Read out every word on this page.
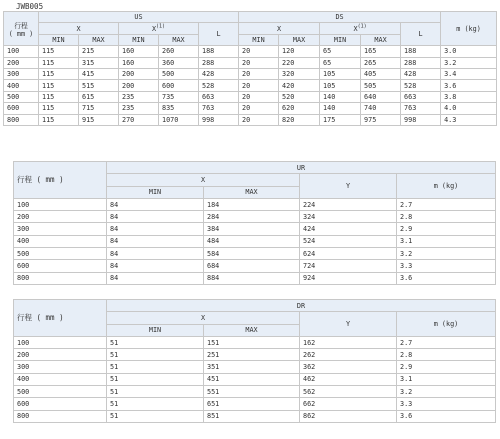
JWB005
行程
( mm )	US					DS					m (kg)
	X		$X^{(1)}$		L	X		$X^{(1)}$		L	
	MIN	MAX	MIN	MAX		MIN	MAX	MIN	MAX		
100	115	215	160	260	188	20	120	65	165	188	3.0
200	115	315	160	360	288	20	220	65	265	288	3.2
300	115	415	200	500	428	20	320	105	405	428	3.4
400	115	515	200	600	528	20	420	105	505	528	3.6
500	115	615	235	735	663	20	520	140	640	663	3.8
600	115	715	235	835	763	20	620	140	740	763	4.0
800	115	915	270	1070	998	20	820	175	975	998	4.3
行程 ( mm )	UR			
	X		Y	m (kg)
	MIN	MAX		
100	84	184	224	2.7
200	84	284	324	2.8
300	84	384	424	2.9
400	84	484	524	3.1
500	84	584	624	3.2
600	84	684	724	3.3
800	84	884	924	3.6
行程 ( mm )	DR			
	X		Y	m (kg)
	MIN	MAX		
100	51	151	162	2.7
200	51	251	262	2.8
300	51	351	362	2.9
400	51	451	462	3.1
500	51	551	562	3.2
600	51	651	662	3.3
800	51	851	862	3.6
